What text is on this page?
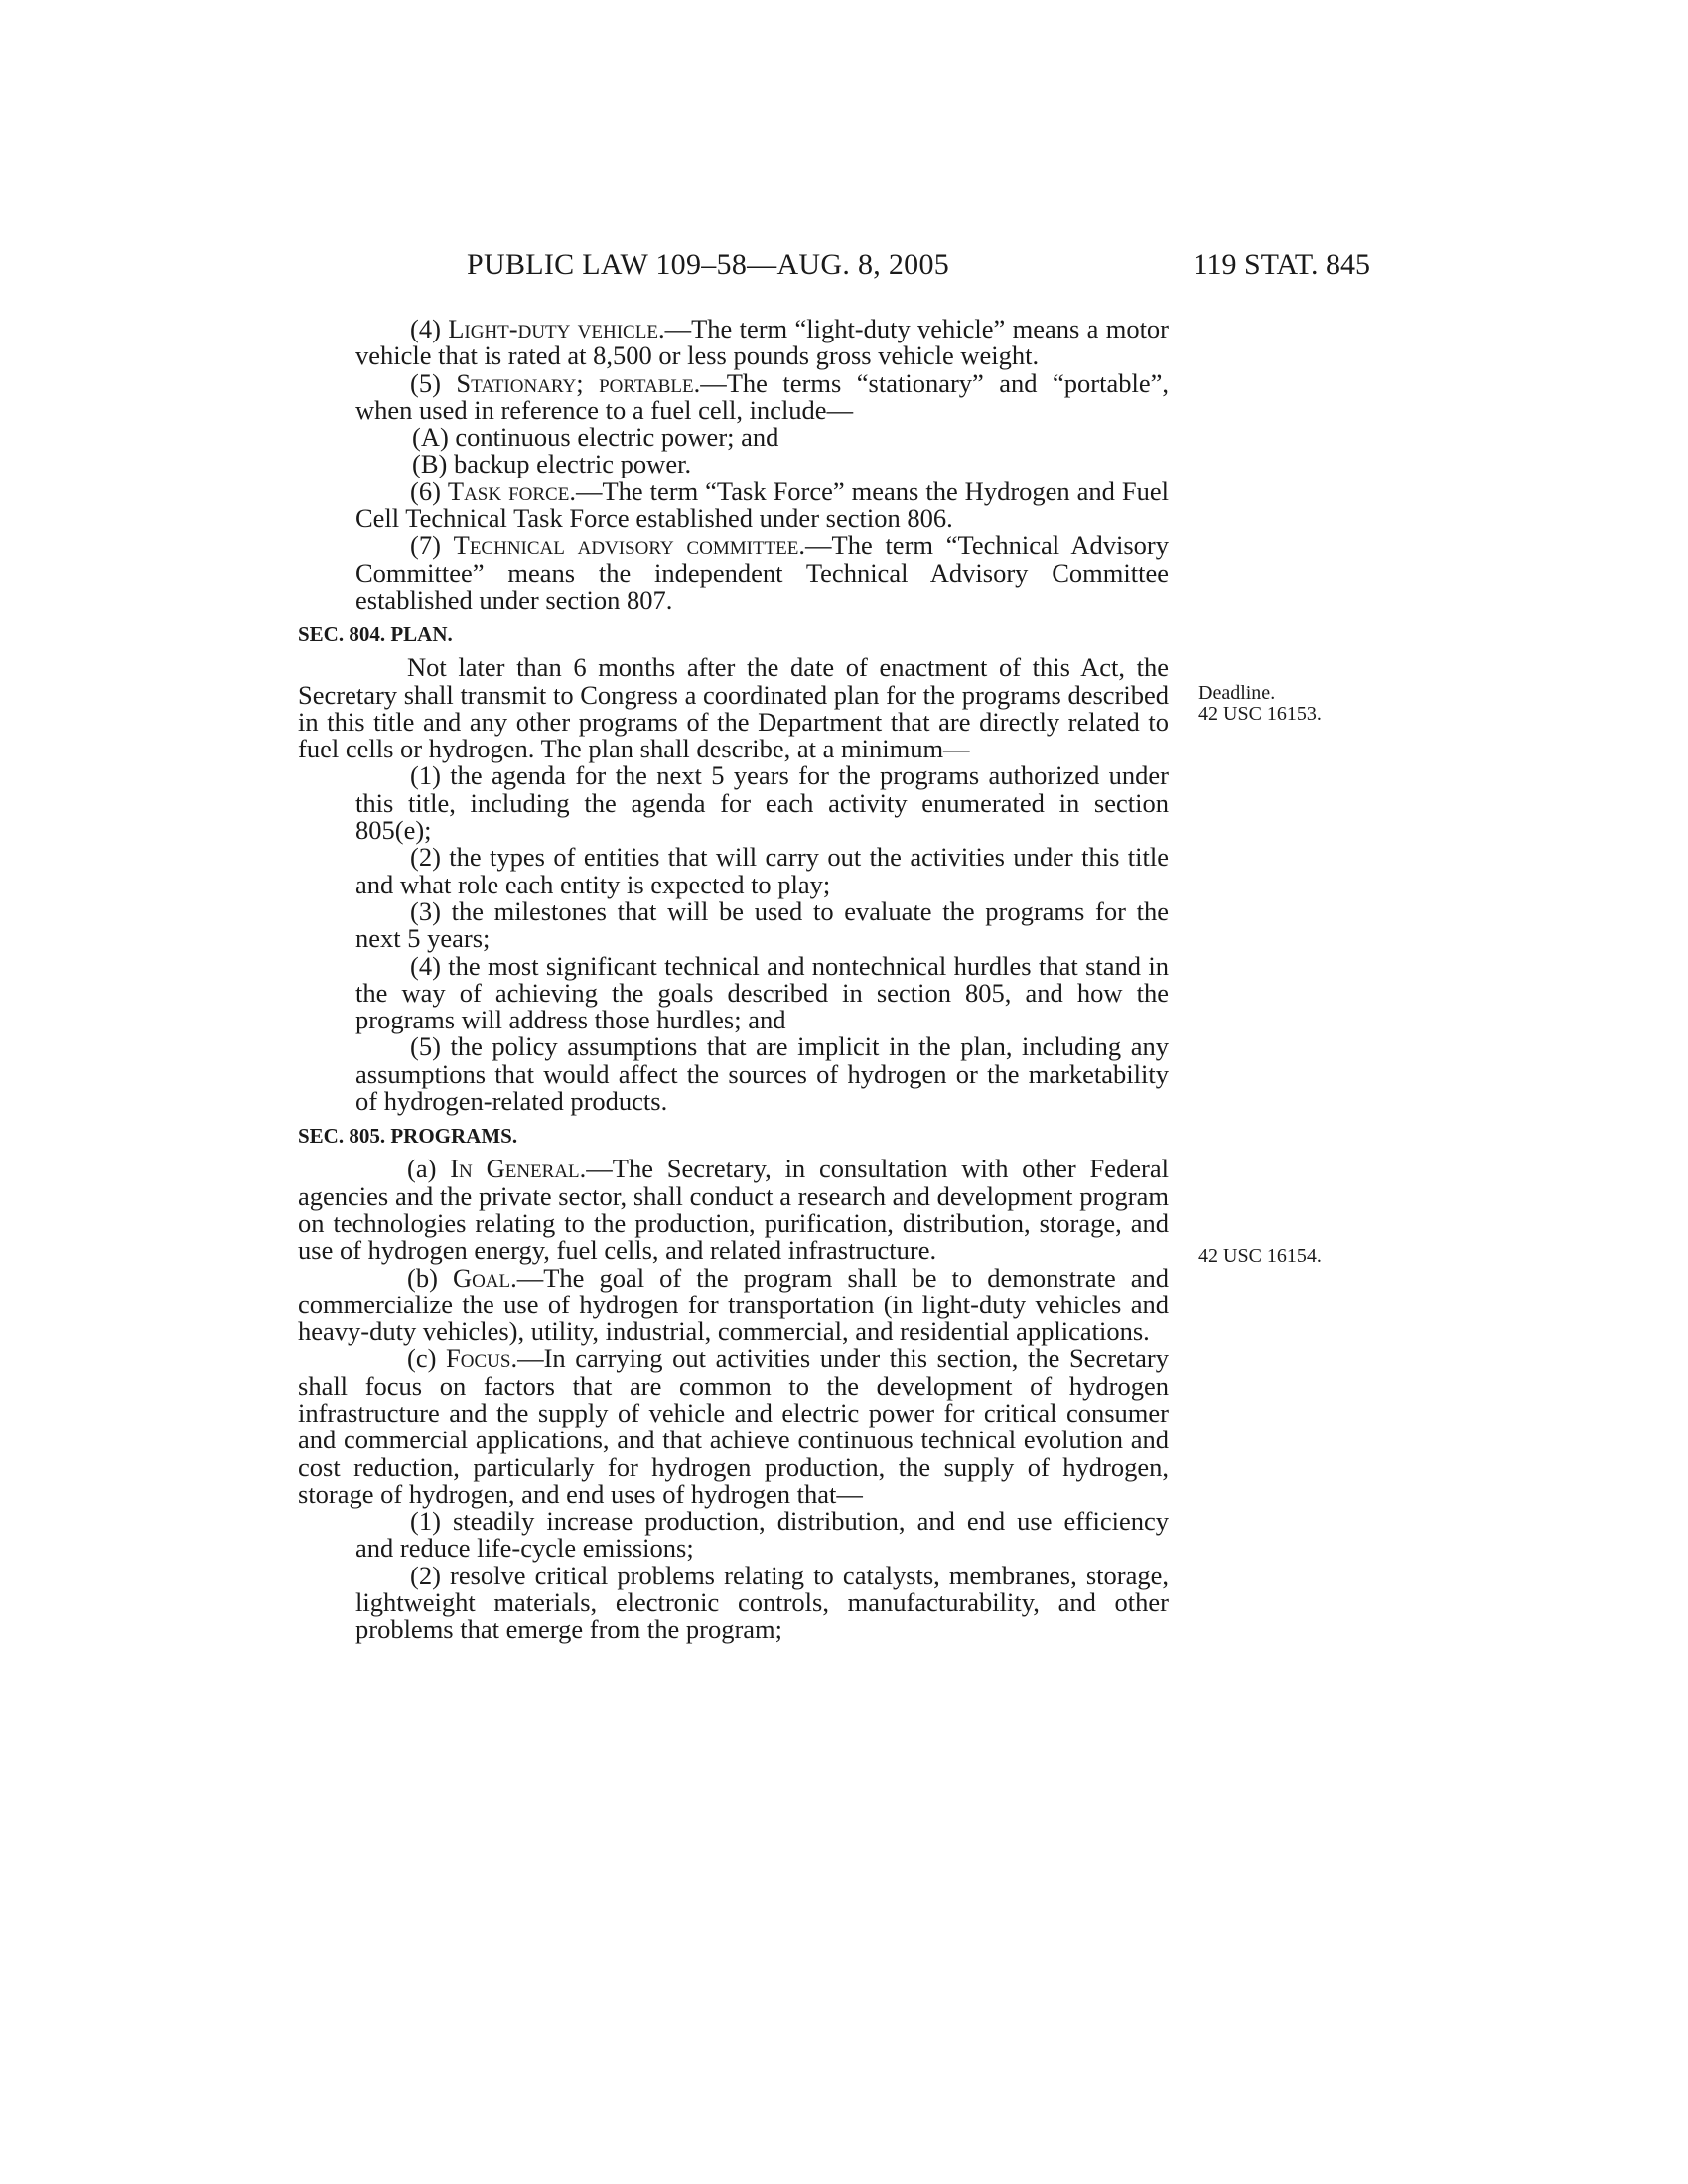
PUBLIC LAW 109–58—AUG. 8, 2005	119 STAT. 845
Deadline.
42 USC 16153.
42 USC 16154.

(4) Light-duty vehicle.—The term “light-duty vehicle” means a motor vehicle that is rated at 8,500 or less pounds gross vehicle weight.

(5) Stationary; portable.—The terms “stationary” and “portable”, when used in reference to a fuel cell, include—

(A) continuous electric power; and

(B) backup electric power.

(6) Task force.—The term “Task Force” means the Hydrogen and Fuel Cell Technical Task Force established under section 806.

(7) Technical advisory committee.—The term “Technical Advisory Committee” means the independent Technical Advisory Committee established under section 807.

SEC. 804. PLAN.

Not later than 6 months after the date of enactment of this Act, the Secretary shall transmit to Congress a coordinated plan for the programs described in this title and any other programs of the Department that are directly related to fuel cells or hydrogen. The plan shall describe, at a minimum—

(1) the agenda for the next 5 years for the programs authorized under this title, including the agenda for each activity enumerated in section 805(e);

(2) the types of entities that will carry out the activities under this title and what role each entity is expected to play;

(3) the milestones that will be used to evaluate the programs for the next 5 years;

(4) the most significant technical and nontechnical hurdles that stand in the way of achieving the goals described in section 805, and how the programs will address those hurdles; and

(5) the policy assumptions that are implicit in the plan, including any assumptions that would affect the sources of hydrogen or the marketability of hydrogen-related products.

SEC. 805. PROGRAMS.

(a) In General.—The Secretary, in consultation with other Federal agencies and the private sector, shall conduct a research and development program on technologies relating to the production, purification, distribution, storage, and use of hydrogen energy, fuel cells, and related infrastructure.

(b) Goal.—The goal of the program shall be to demonstrate and commercialize the use of hydrogen for transportation (in light-duty vehicles and heavy-duty vehicles), utility, industrial, commercial, and residential applications.

(c) Focus.—In carrying out activities under this section, the Secretary shall focus on factors that are common to the development of hydrogen infrastructure and the supply of vehicle and electric power for critical consumer and commercial applications, and that achieve continuous technical evolution and cost reduction, particularly for hydrogen production, the supply of hydrogen, storage of hydrogen, and end uses of hydrogen that—

(1) steadily increase production, distribution, and end use efficiency and reduce life-cycle emissions;

(2) resolve critical problems relating to catalysts, membranes, storage, lightweight materials, electronic controls, manufacturability, and other problems that emerge from the program;
